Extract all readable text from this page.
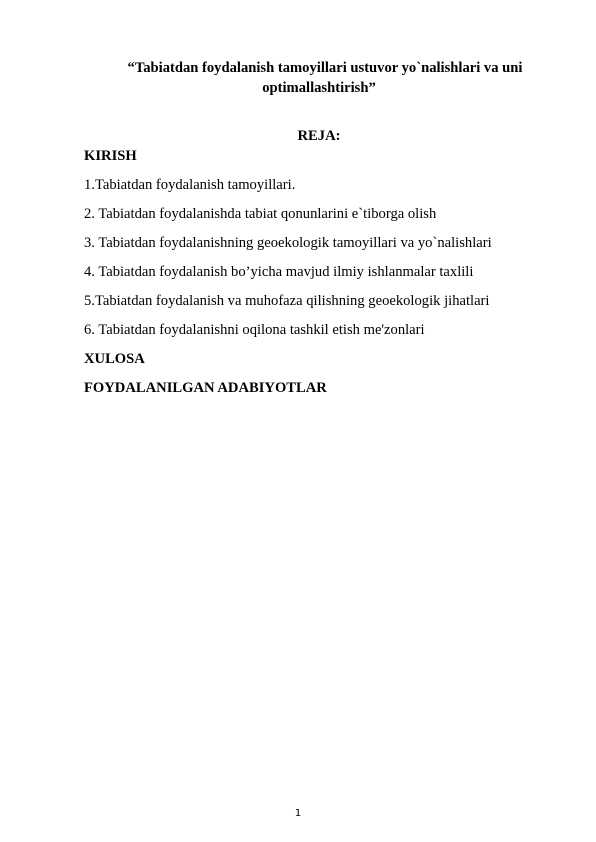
“Tabiatdan foydalanish tamoyillari ustuvor yo`nalishlari va uni
optimallashtirish”
REJA:
KIRISH
1.Tabiatdan foydalanish tamoyillari.
2. Tabiatdan foydalanishda tabiat qonunlarini e`tiborga olish
3. Tabiatdan foydalanishning geoekologik tamoyillari va yo`nalishlari
4. Tabiatdan foydalanish bo’yicha mavjud ilmiy ishlanmalar taxlili
5.Tabiatdan foydalanish va muhofaza qilishning geoekologik jihatlari
6. Tabiatdan foydalanishni oqilona tashkil etish me'zonlari
XULOSA
FOYDALANILGAN ADABIYOTLAR
1
